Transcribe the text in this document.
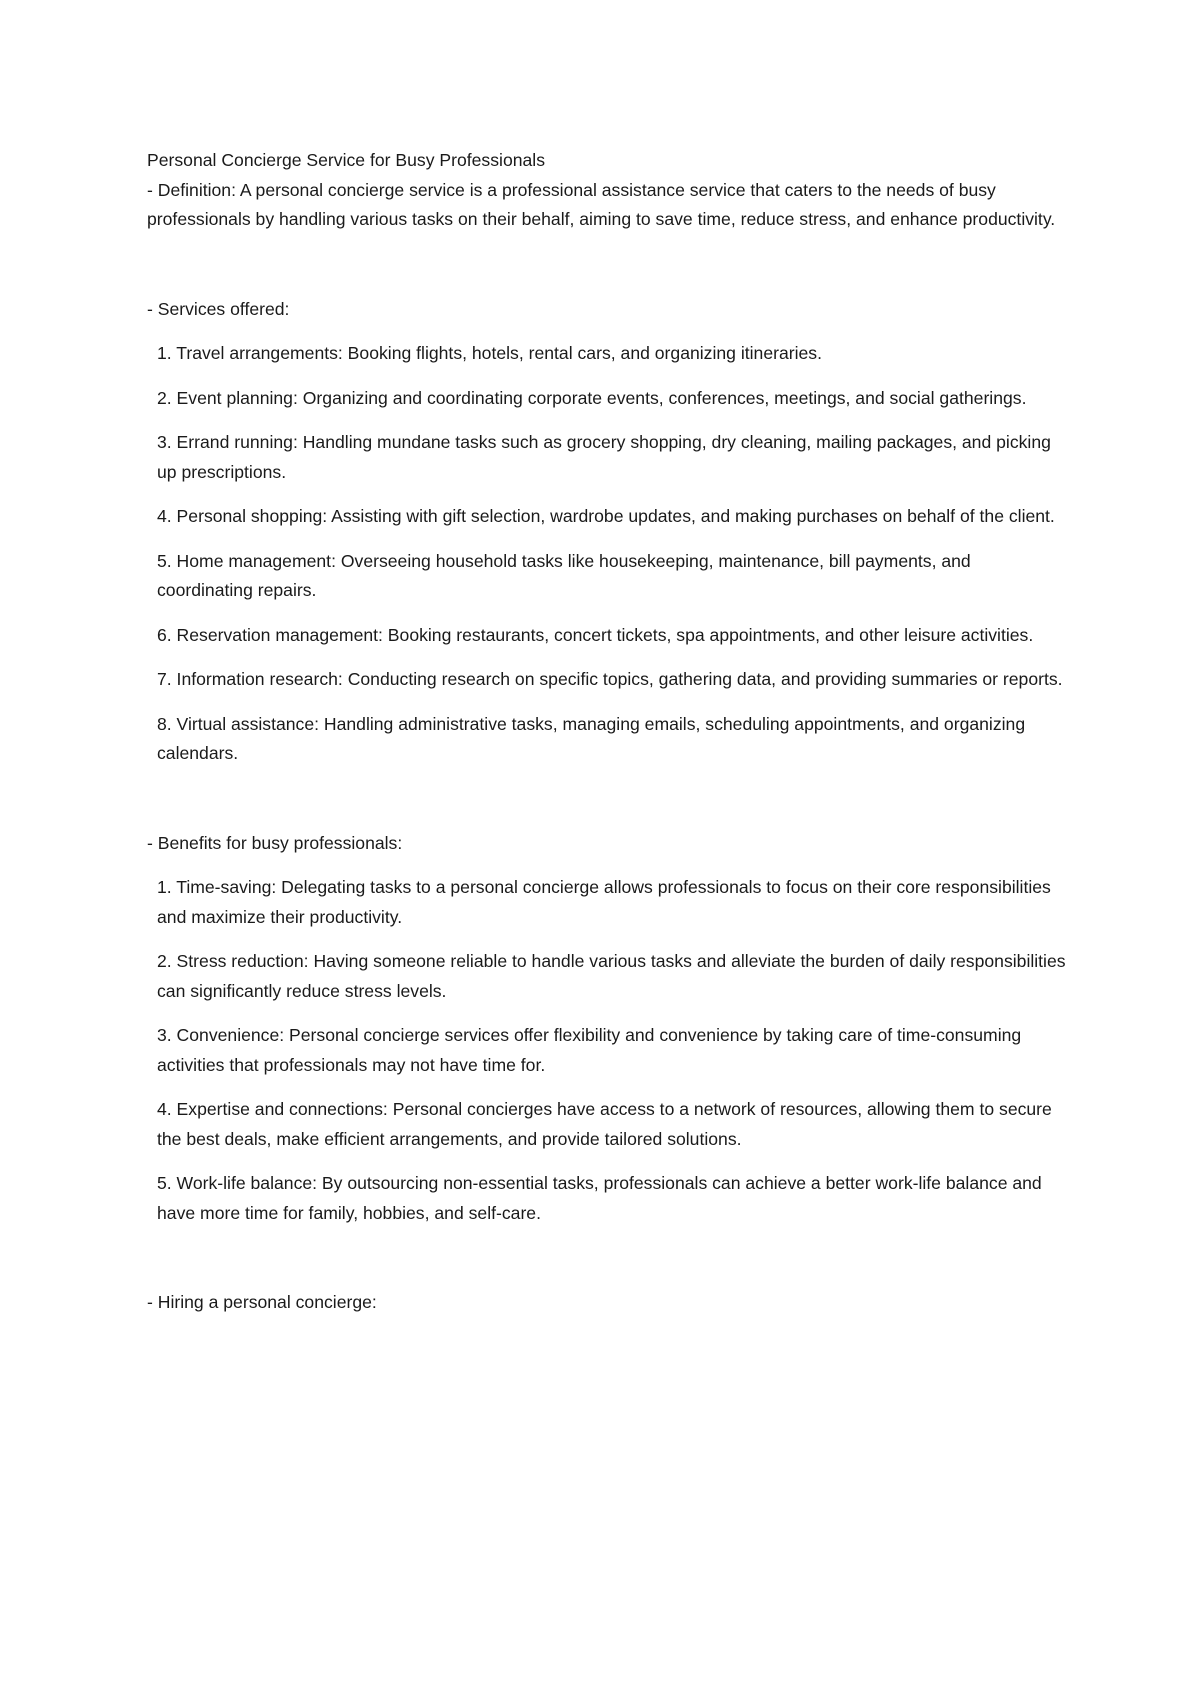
Personal Concierge Service for Busy Professionals

- Definition: A personal concierge service is a professional assistance service that caters to the needs of busy professionals by handling various tasks on their behalf, aiming to save time, reduce stress, and enhance productivity.

- Services offered:

1. Travel arrangements: Booking flights, hotels, rental cars, and organizing itineraries.

2. Event planning: Organizing and coordinating corporate events, conferences, meetings, and social gatherings.

3. Errand running: Handling mundane tasks such as grocery shopping, dry cleaning, mailing packages, and picking up prescriptions.

4. Personal shopping: Assisting with gift selection, wardrobe updates, and making purchases on behalf of the client.

5. Home management: Overseeing household tasks like housekeeping, maintenance, bill payments, and coordinating repairs.

6. Reservation management: Booking restaurants, concert tickets, spa appointments, and other leisure activities.

7. Information research: Conducting research on specific topics, gathering data, and providing summaries or reports.

8. Virtual assistance: Handling administrative tasks, managing emails, scheduling appointments, and organizing calendars.

- Benefits for busy professionals:

1. Time-saving: Delegating tasks to a personal concierge allows professionals to focus on their core responsibilities and maximize their productivity.

2. Stress reduction: Having someone reliable to handle various tasks and alleviate the burden of daily responsibilities can significantly reduce stress levels.

3. Convenience: Personal concierge services offer flexibility and convenience by taking care of time-consuming activities that professionals may not have time for.

4. Expertise and connections: Personal concierges have access to a network of resources, allowing them to secure the best deals, make efficient arrangements, and provide tailored solutions.

5. Work-life balance: By outsourcing non-essential tasks, professionals can achieve a better work-life balance and have more time for family, hobbies, and self-care.

- Hiring a personal concierge:
